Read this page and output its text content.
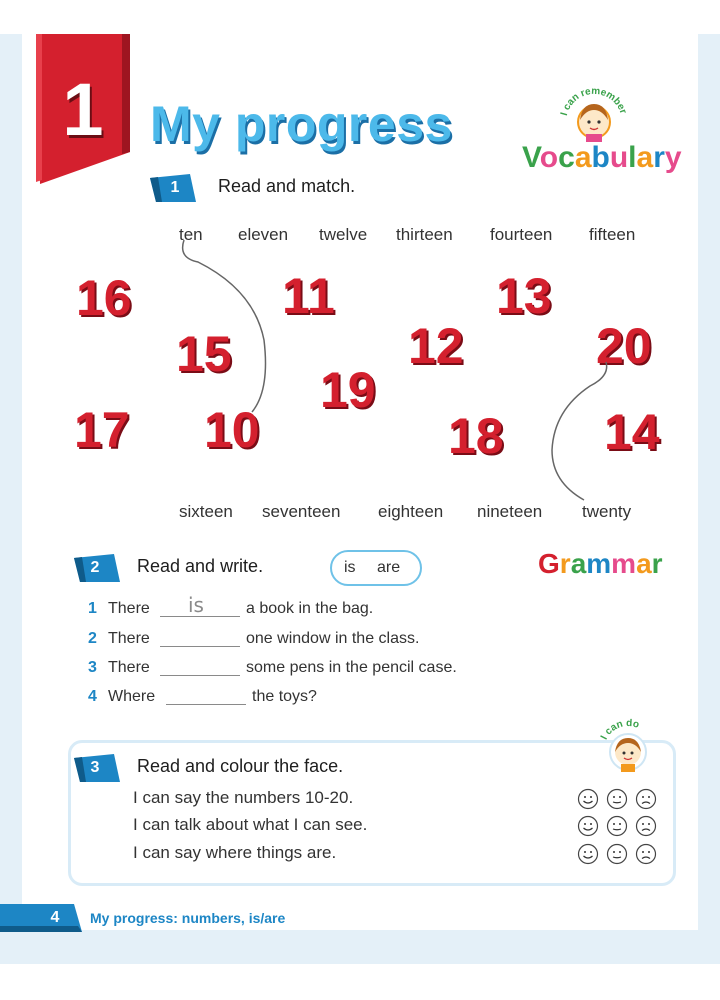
1 My progress	I can remember
Vocabulary
1	Read and match.
ten eleven twelve thirteen fourteen fifteen
16	11	13
15	12	20
19
17 10	18 14
sixteen seventeen eighteen nineteen twenty
2	Read and write.	is are	Grammar
1 There is	a book in the bag.
2 There	one window in the class.
3 There	some pens in the pencil case.
4 Where	the toys?
3	Read and colour the face.
I can do
I can say the numbers 10-20.
I can talk about what I can see.
I can say where things are.
4	My progress: numbers, is/are
